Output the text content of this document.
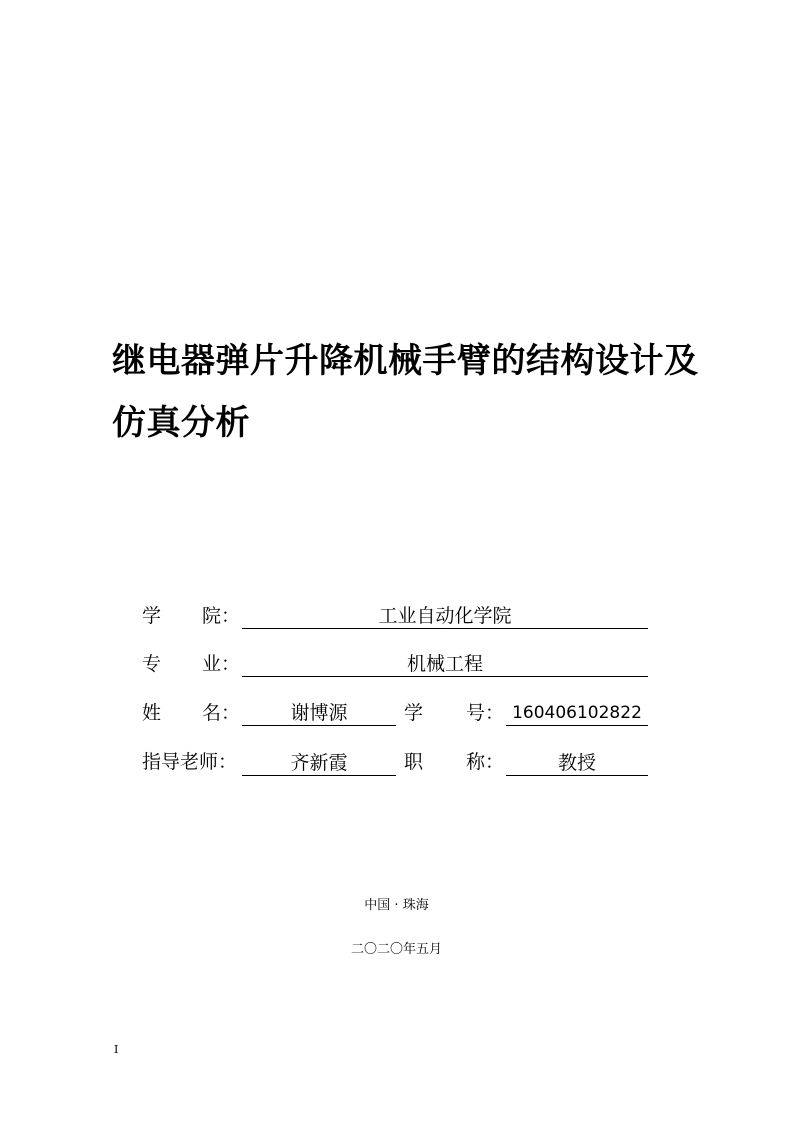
继电器弹片升降机械手臂的结构设计及
仿真分析
学 院：	工业自动化学院
专 业：	机械工程
姓 名：	谢博源	学 号： 160406102822
指导老师：	齐新霞	职 称：	教授
中国 · 珠海
二〇二〇年五月
I
